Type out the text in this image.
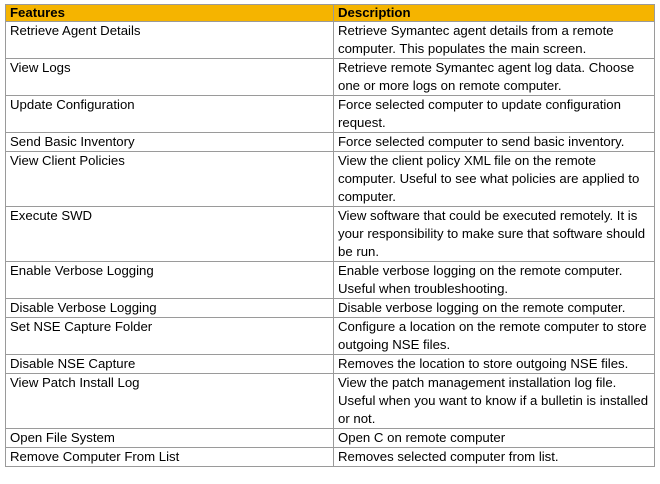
Features	Description
Retrieve Agent Details	Retrieve Symantec agent details from a remote computer. This populates the main screen.
View Logs	Retrieve remote Symantec agent log data. Choose one or more logs on remote computer.
Update Configuration	Force selected computer to update configuration request.
Send Basic Inventory	Force selected computer to send basic inventory.
View Client Policies	View the client policy XML file on the remote computer. Useful to see what policies are applied to computer.
Execute SWD	View software that could be executed remotely. It is your responsibility to make sure that software should be run.
Enable Verbose Logging	Enable verbose logging on the remote computer. Useful when troubleshooting.
Disable Verbose Logging	Disable verbose logging on the remote computer.
Set NSE Capture Folder	Configure a location on the remote computer to store outgoing NSE files.
Disable NSE Capture	Removes the location to store outgoing NSE files.
View Patch Install Log	View the patch management installation log file. Useful when you want to know if a bulletin is installed or not.
Open File System	Open C on remote computer
Remove Computer From List	Removes selected computer from list.
